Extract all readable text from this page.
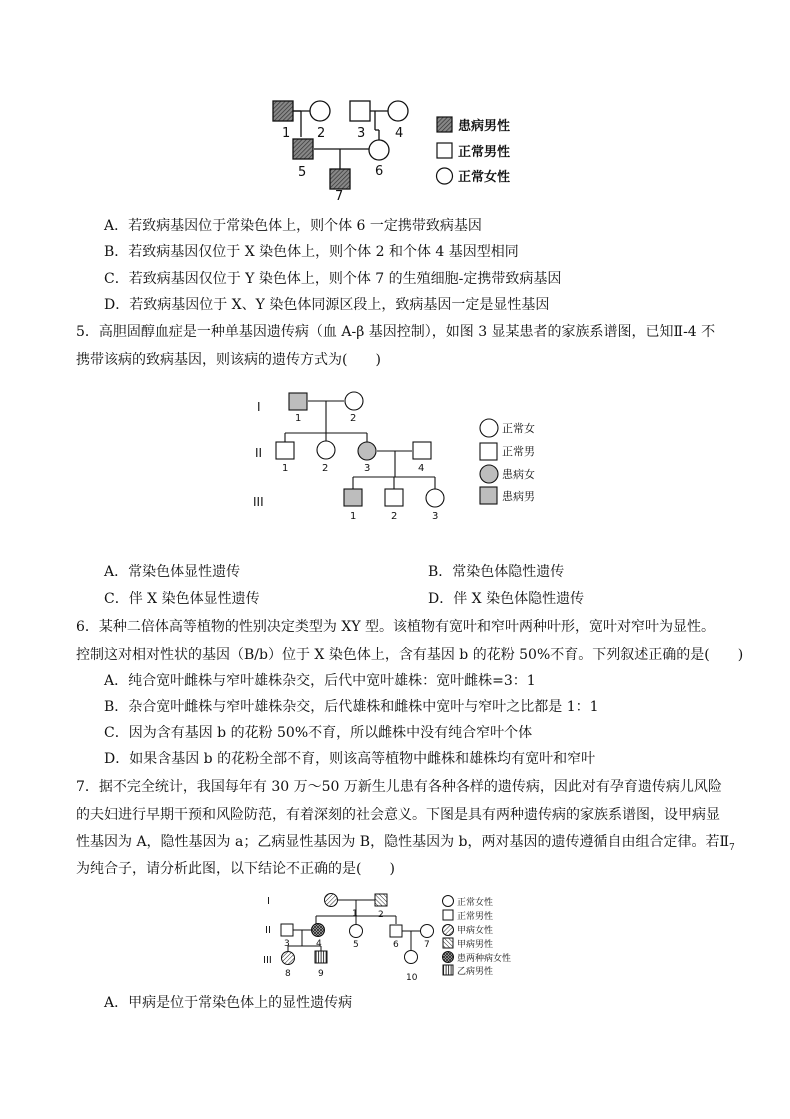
1 2 3 4
5	6
7
患病男性
正常男性
正常女性
A．若致病基因位于常染色体上，则个体 6 一定携带致病基因
B．若致病基因仅位于 X 染色体上，则个体 2 和个体 4 基因型相同
C．若致病基因仅位于 Y 染色体上，则个体 7 的生殖细胞-定携带致病基因
D．若致病基因位于 X、Y 染色体同源区段上，致病基因一定是显性基因
5．高胆固醇血症是一种单基因遗传病（血 A-β 基因控制），如图 3 显某患者的家族系谱图，已知Ⅱ-4 不
携带该病的致病基因，则该病的遗传方式为(　　)
I
II
III
1	2
1	2	3	4
1	2	3
正常女
正常男
患病女
患病男
A．常染色体显性遗传	B．常染色体隐性遗传
C．伴 X 染色体显性遗传	D．伴 X 染色体隐性遗传
6．某种二倍体高等植物的性别决定类型为 XY 型。该植物有宽叶和窄叶两种叶形，宽叶对窄叶为显性。
控制这对相对性状的基因（B/b）位于 X 染色体上，含有基因 b 的花粉 50%不育。下列叙述正确的是(　　)
A．纯合宽叶雌株与窄叶雄株杂交，后代中宽叶雄株：宽叶雌株=3：1
B．杂合宽叶雌株与窄叶雄株杂交，后代雄株和雌株中宽叶与窄叶之比都是 1：1
C．因为含有基因 b 的花粉 50%不育，所以雌株中没有纯合窄叶个体
D．如果含基因 b 的花粉全部不育，则该高等植物中雌株和雄株均有宽叶和窄叶
7．据不完全统计，我国每年有 30 万～50 万新生儿患有各种各样的遗传病，因此对有孕育遗传病儿风险
的夫妇进行早期干预和风险防范，有着深刻的社会意义。下图是具有两种遗传病的家族系谱图，设甲病显
性基因为 A，隐性基因为 a；乙病显性基因为 B，隐性基因为 b，两对基因的遗传遵循自由组合定律。若$Ⅱ_7$
为纯合子，请分析此图，以下结论不正确的是(　　)
I
II
III
1 2
3	4	5	6	7
8	9	10
正常女性
正常男性
甲病女性
甲病男性
患两种病女性
乙病男性
A．甲病是位于常染色体上的显性遗传病
